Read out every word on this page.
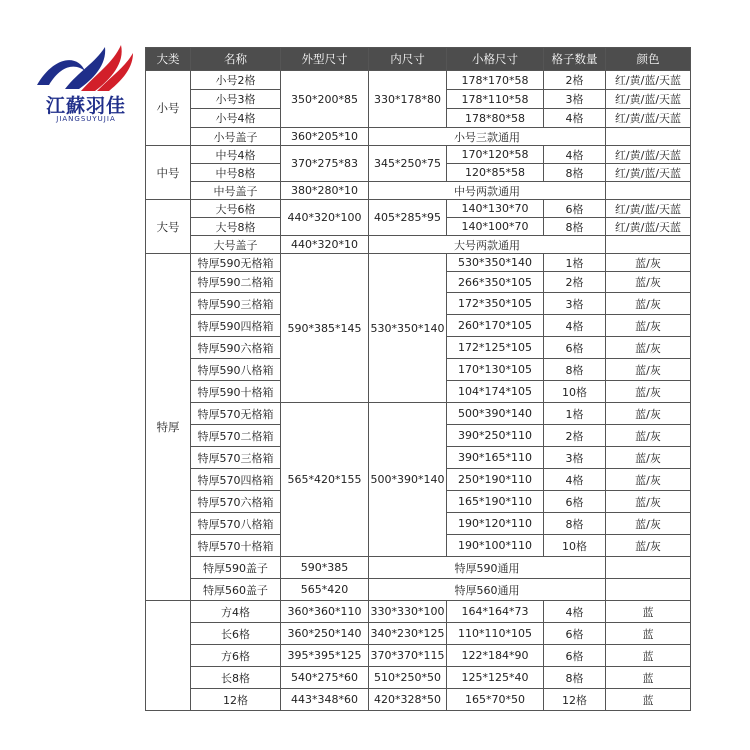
江蘇羽佳
JIANGSUYUJIA
大类	名称	外型尺寸	内尺寸	小格尺寸	格子数量	颜色
小号	小号2格	350*200*85	330*178*80	178*170*58	2格	红/黄/蓝/天蓝
	小号3格			178*110*58	3格	红/黄/蓝/天蓝
	小号4格			178*80*58	4格	红/黄/蓝/天蓝
	小号盖子	360*205*10	小号三款通用			
中号	中号4格	370*275*83	345*250*75	170*120*58	4格	红/黄/蓝/天蓝
	中号8格			120*85*58	8格	红/黄/蓝/天蓝
	中号盖子	380*280*10	中号两款通用			
大号	大号6格	440*320*100	405*285*95	140*130*70	6格	红/黄/蓝/天蓝
	大号8格			140*100*70	8格	红/黄/蓝/天蓝
	大号盖子	440*320*10	大号两款通用			
特厚	特厚590无格箱	590*385*145	530*350*140	530*350*140	1格	蓝/灰
	特厚590二格箱			266*350*105	2格	蓝/灰
	特厚590三格箱			172*350*105	3格	蓝/灰
	特厚590四格箱			260*170*105	4格	蓝/灰
	特厚590六格箱			172*125*105	6格	蓝/灰
	特厚590八格箱			170*130*105	8格	蓝/灰
	特厚590十格箱			104*174*105	10格	蓝/灰
	特厚570无格箱	565*420*155	500*390*140	500*390*140	1格	蓝/灰
	特厚570二格箱			390*250*110	2格	蓝/灰
	特厚570三格箱			390*165*110	3格	蓝/灰
	特厚570四格箱			250*190*110	4格	蓝/灰
	特厚570六格箱			165*190*110	6格	蓝/灰
	特厚570八格箱			190*120*110	8格	蓝/灰
	特厚570十格箱			190*100*110	10格	蓝/灰
	特厚590盖子	590*385	特厚590通用			
	特厚560盖子	565*420	特厚560通用			
	方4格	360*360*110	330*330*100	164*164*73	4格	蓝
	长6格	360*250*140	340*230*125	110*110*105	6格	蓝
	方6格	395*395*125	370*370*115	122*184*90	6格	蓝
	长8格	540*275*60	510*250*50	125*125*40	8格	蓝
	12格	443*348*60	420*328*50	165*70*50	12格	蓝
